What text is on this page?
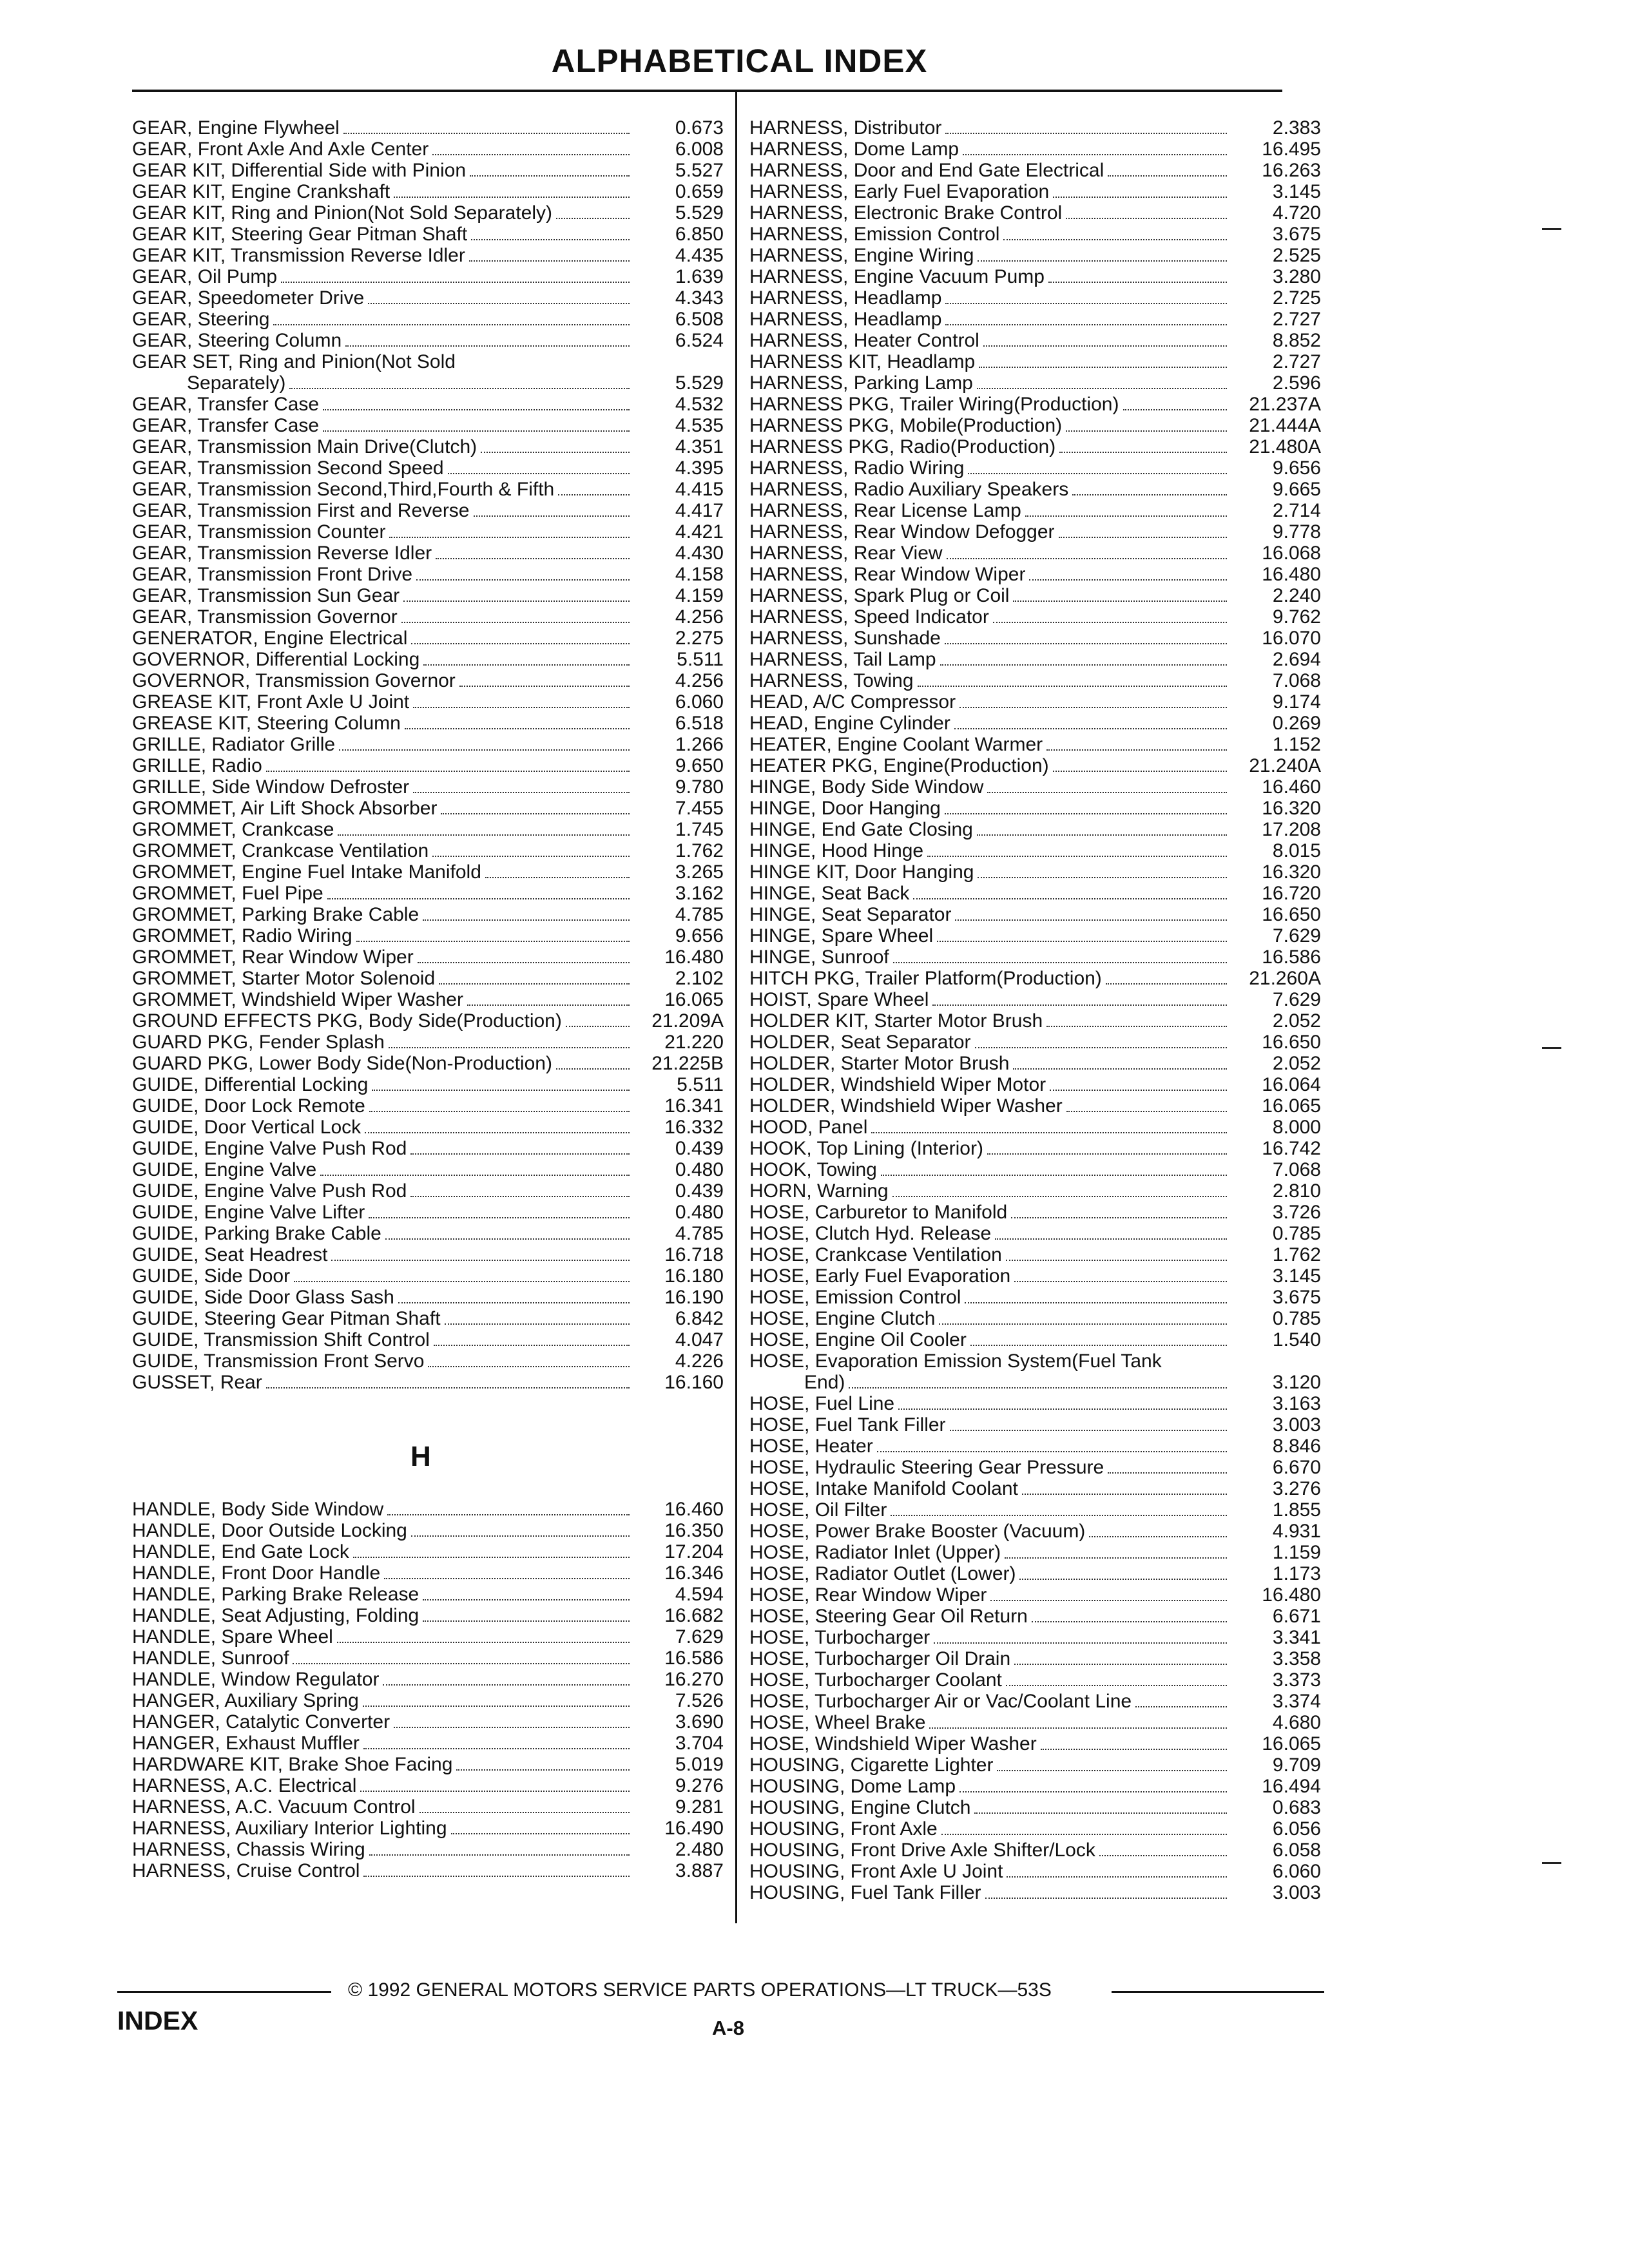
ALPHABETICAL INDEX
GEAR, Engine Flywheel	0.673
GEAR, Front Axle And Axle Center	6.008
GEAR KIT, Differential Side with Pinion	5.527
GEAR KIT, Engine Crankshaft	0.659
GEAR KIT, Ring and Pinion(Not Sold Separately)	5.529
GEAR KIT, Steering Gear Pitman Shaft	6.850
GEAR KIT, Transmission Reverse Idler	4.435
GEAR, Oil Pump	1.639
GEAR, Speedometer Drive	4.343
GEAR, Steering	6.508
GEAR, Steering Column	6.524
GEAR SET, Ring and Pinion(Not Sold
Separately)	5.529
GEAR, Transfer Case	4.532
GEAR, Transfer Case	4.535
GEAR, Transmission Main Drive(Clutch)	4.351
GEAR, Transmission Second Speed	4.395
GEAR, Transmission Second,Third,Fourth & Fifth	4.415
GEAR, Transmission First and Reverse	4.417
GEAR, Transmission Counter	4.421
GEAR, Transmission Reverse Idler	4.430
GEAR, Transmission Front Drive	4.158
GEAR, Transmission Sun Gear	4.159
GEAR, Transmission Governor	4.256
GENERATOR, Engine Electrical	2.275
GOVERNOR, Differential Locking	5.511
GOVERNOR, Transmission Governor	4.256
GREASE KIT, Front Axle U Joint	6.060
GREASE KIT, Steering Column	6.518
GRILLE, Radiator Grille	1.266
GRILLE, Radio	9.650
GRILLE, Side Window Defroster	9.780
GROMMET, Air Lift Shock Absorber	7.455
GROMMET, Crankcase	1.745
GROMMET, Crankcase Ventilation	1.762
GROMMET, Engine Fuel Intake Manifold	3.265
GROMMET, Fuel Pipe	3.162
GROMMET, Parking Brake Cable	4.785
GROMMET, Radio Wiring	9.656
GROMMET, Rear Window Wiper	16.480
GROMMET, Starter Motor Solenoid	2.102
GROMMET, Windshield Wiper Washer	16.065
GROUND EFFECTS PKG, Body Side(Production)	21.209A
GUARD PKG, Fender Splash	21.220
GUARD PKG, Lower Body Side(Non-Production)	21.225B
GUIDE, Differential Locking	5.511
GUIDE, Door Lock Remote	16.341
GUIDE, Door Vertical Lock	16.332
GUIDE, Engine Valve Push Rod	0.439
GUIDE, Engine Valve	0.480
GUIDE, Engine Valve Push Rod	0.439
GUIDE, Engine Valve Lifter	0.480
GUIDE, Parking Brake Cable	4.785
GUIDE, Seat Headrest	16.718
GUIDE, Side Door	16.180
GUIDE, Side Door Glass Sash	16.190
GUIDE, Steering Gear Pitman Shaft	6.842
GUIDE, Transmission Shift Control	4.047
GUIDE, Transmission Front Servo	4.226
GUSSET, Rear	16.160
H
HANDLE, Body Side Window	16.460
HANDLE, Door Outside Locking	16.350
HANDLE, End Gate Lock	17.204
HANDLE, Front Door Handle	16.346
HANDLE, Parking Brake Release	4.594
HANDLE, Seat Adjusting, Folding	16.682
HANDLE, Spare Wheel	7.629
HANDLE, Sunroof	16.586
HANDLE, Window Regulator	16.270
HANGER, Auxiliary Spring	7.526
HANGER, Catalytic Converter	3.690
HANGER, Exhaust Muffler	3.704
HARDWARE KIT, Brake Shoe Facing	5.019
HARNESS, A.C. Electrical	9.276
HARNESS, A.C. Vacuum Control	9.281
HARNESS, Auxiliary Interior Lighting	16.490
HARNESS, Chassis Wiring	2.480
HARNESS, Cruise Control	3.887
HARNESS, Distributor	2.383
HARNESS, Dome Lamp	16.495
HARNESS, Door and End Gate Electrical	16.263
HARNESS, Early Fuel Evaporation	3.145
HARNESS, Electronic Brake Control	4.720
HARNESS, Emission Control	3.675
HARNESS, Engine Wiring	2.525
HARNESS, Engine Vacuum Pump	3.280
HARNESS, Headlamp	2.725
HARNESS, Headlamp	2.727
HARNESS, Heater Control	8.852
HARNESS KIT, Headlamp	2.727
HARNESS, Parking Lamp	2.596
HARNESS PKG, Trailer Wiring(Production)	21.237A
HARNESS PKG, Mobile(Production)	21.444A
HARNESS PKG, Radio(Production)	21.480A
HARNESS, Radio Wiring	9.656
HARNESS, Radio Auxiliary Speakers	9.665
HARNESS, Rear License Lamp	2.714
HARNESS, Rear Window Defogger	9.778
HARNESS, Rear View	16.068
HARNESS, Rear Window Wiper	16.480
HARNESS, Spark Plug or Coil	2.240
HARNESS, Speed Indicator	9.762
HARNESS, Sunshade	16.070
HARNESS, Tail Lamp	2.694
HARNESS, Towing	7.068
HEAD, A/C Compressor	9.174
HEAD, Engine Cylinder	0.269
HEATER, Engine Coolant Warmer	1.152
HEATER PKG, Engine(Production)	21.240A
HINGE, Body Side Window	16.460
HINGE, Door Hanging	16.320
HINGE, End Gate Closing	17.208
HINGE, Hood Hinge	8.015
HINGE KIT, Door Hanging	16.320
HINGE, Seat Back	16.720
HINGE, Seat Separator	16.650
HINGE, Spare Wheel	7.629
HINGE, Sunroof	16.586
HITCH PKG, Trailer Platform(Production)	21.260A
HOIST, Spare Wheel	7.629
HOLDER KIT, Starter Motor Brush	2.052
HOLDER, Seat Separator	16.650
HOLDER, Starter Motor Brush	2.052
HOLDER, Windshield Wiper Motor	16.064
HOLDER, Windshield Wiper Washer	16.065
HOOD, Panel	8.000
HOOK, Top Lining (Interior)	16.742
HOOK, Towing	7.068
HORN, Warning	2.810
HOSE, Carburetor to Manifold	3.726
HOSE, Clutch Hyd. Release	0.785
HOSE, Crankcase Ventilation	1.762
HOSE, Early Fuel Evaporation	3.145
HOSE, Emission Control	3.675
HOSE, Engine Clutch	0.785
HOSE, Engine Oil Cooler	1.540
HOSE, Evaporation Emission System(Fuel Tank
End)	3.120
HOSE, Fuel Line	3.163
HOSE, Fuel Tank Filler	3.003
HOSE, Heater	8.846
HOSE, Hydraulic Steering Gear Pressure	6.670
HOSE, Intake Manifold Coolant	3.276
HOSE, Oil Filter	1.855
HOSE, Power Brake Booster (Vacuum)	4.931
HOSE, Radiator Inlet (Upper)	1.159
HOSE, Radiator Outlet (Lower)	1.173
HOSE, Rear Window Wiper	16.480
HOSE, Steering Gear Oil Return	6.671
HOSE, Turbocharger	3.341
HOSE, Turbocharger Oil Drain	3.358
HOSE, Turbocharger Coolant	3.373
HOSE, Turbocharger Air or Vac/Coolant Line	3.374
HOSE, Wheel Brake	4.680
HOSE, Windshield Wiper Washer	16.065
HOUSING, Cigarette Lighter	9.709
HOUSING, Dome Lamp	16.494
HOUSING, Engine Clutch	0.683
HOUSING, Front Axle	6.056
HOUSING, Front Drive Axle Shifter/Lock	6.058
HOUSING, Front Axle U Joint	6.060
HOUSING, Fuel Tank Filler	3.003
© 1992 GENERAL MOTORS SERVICE PARTS OPERATIONS—LT TRUCK—53S
INDEX	A-8
